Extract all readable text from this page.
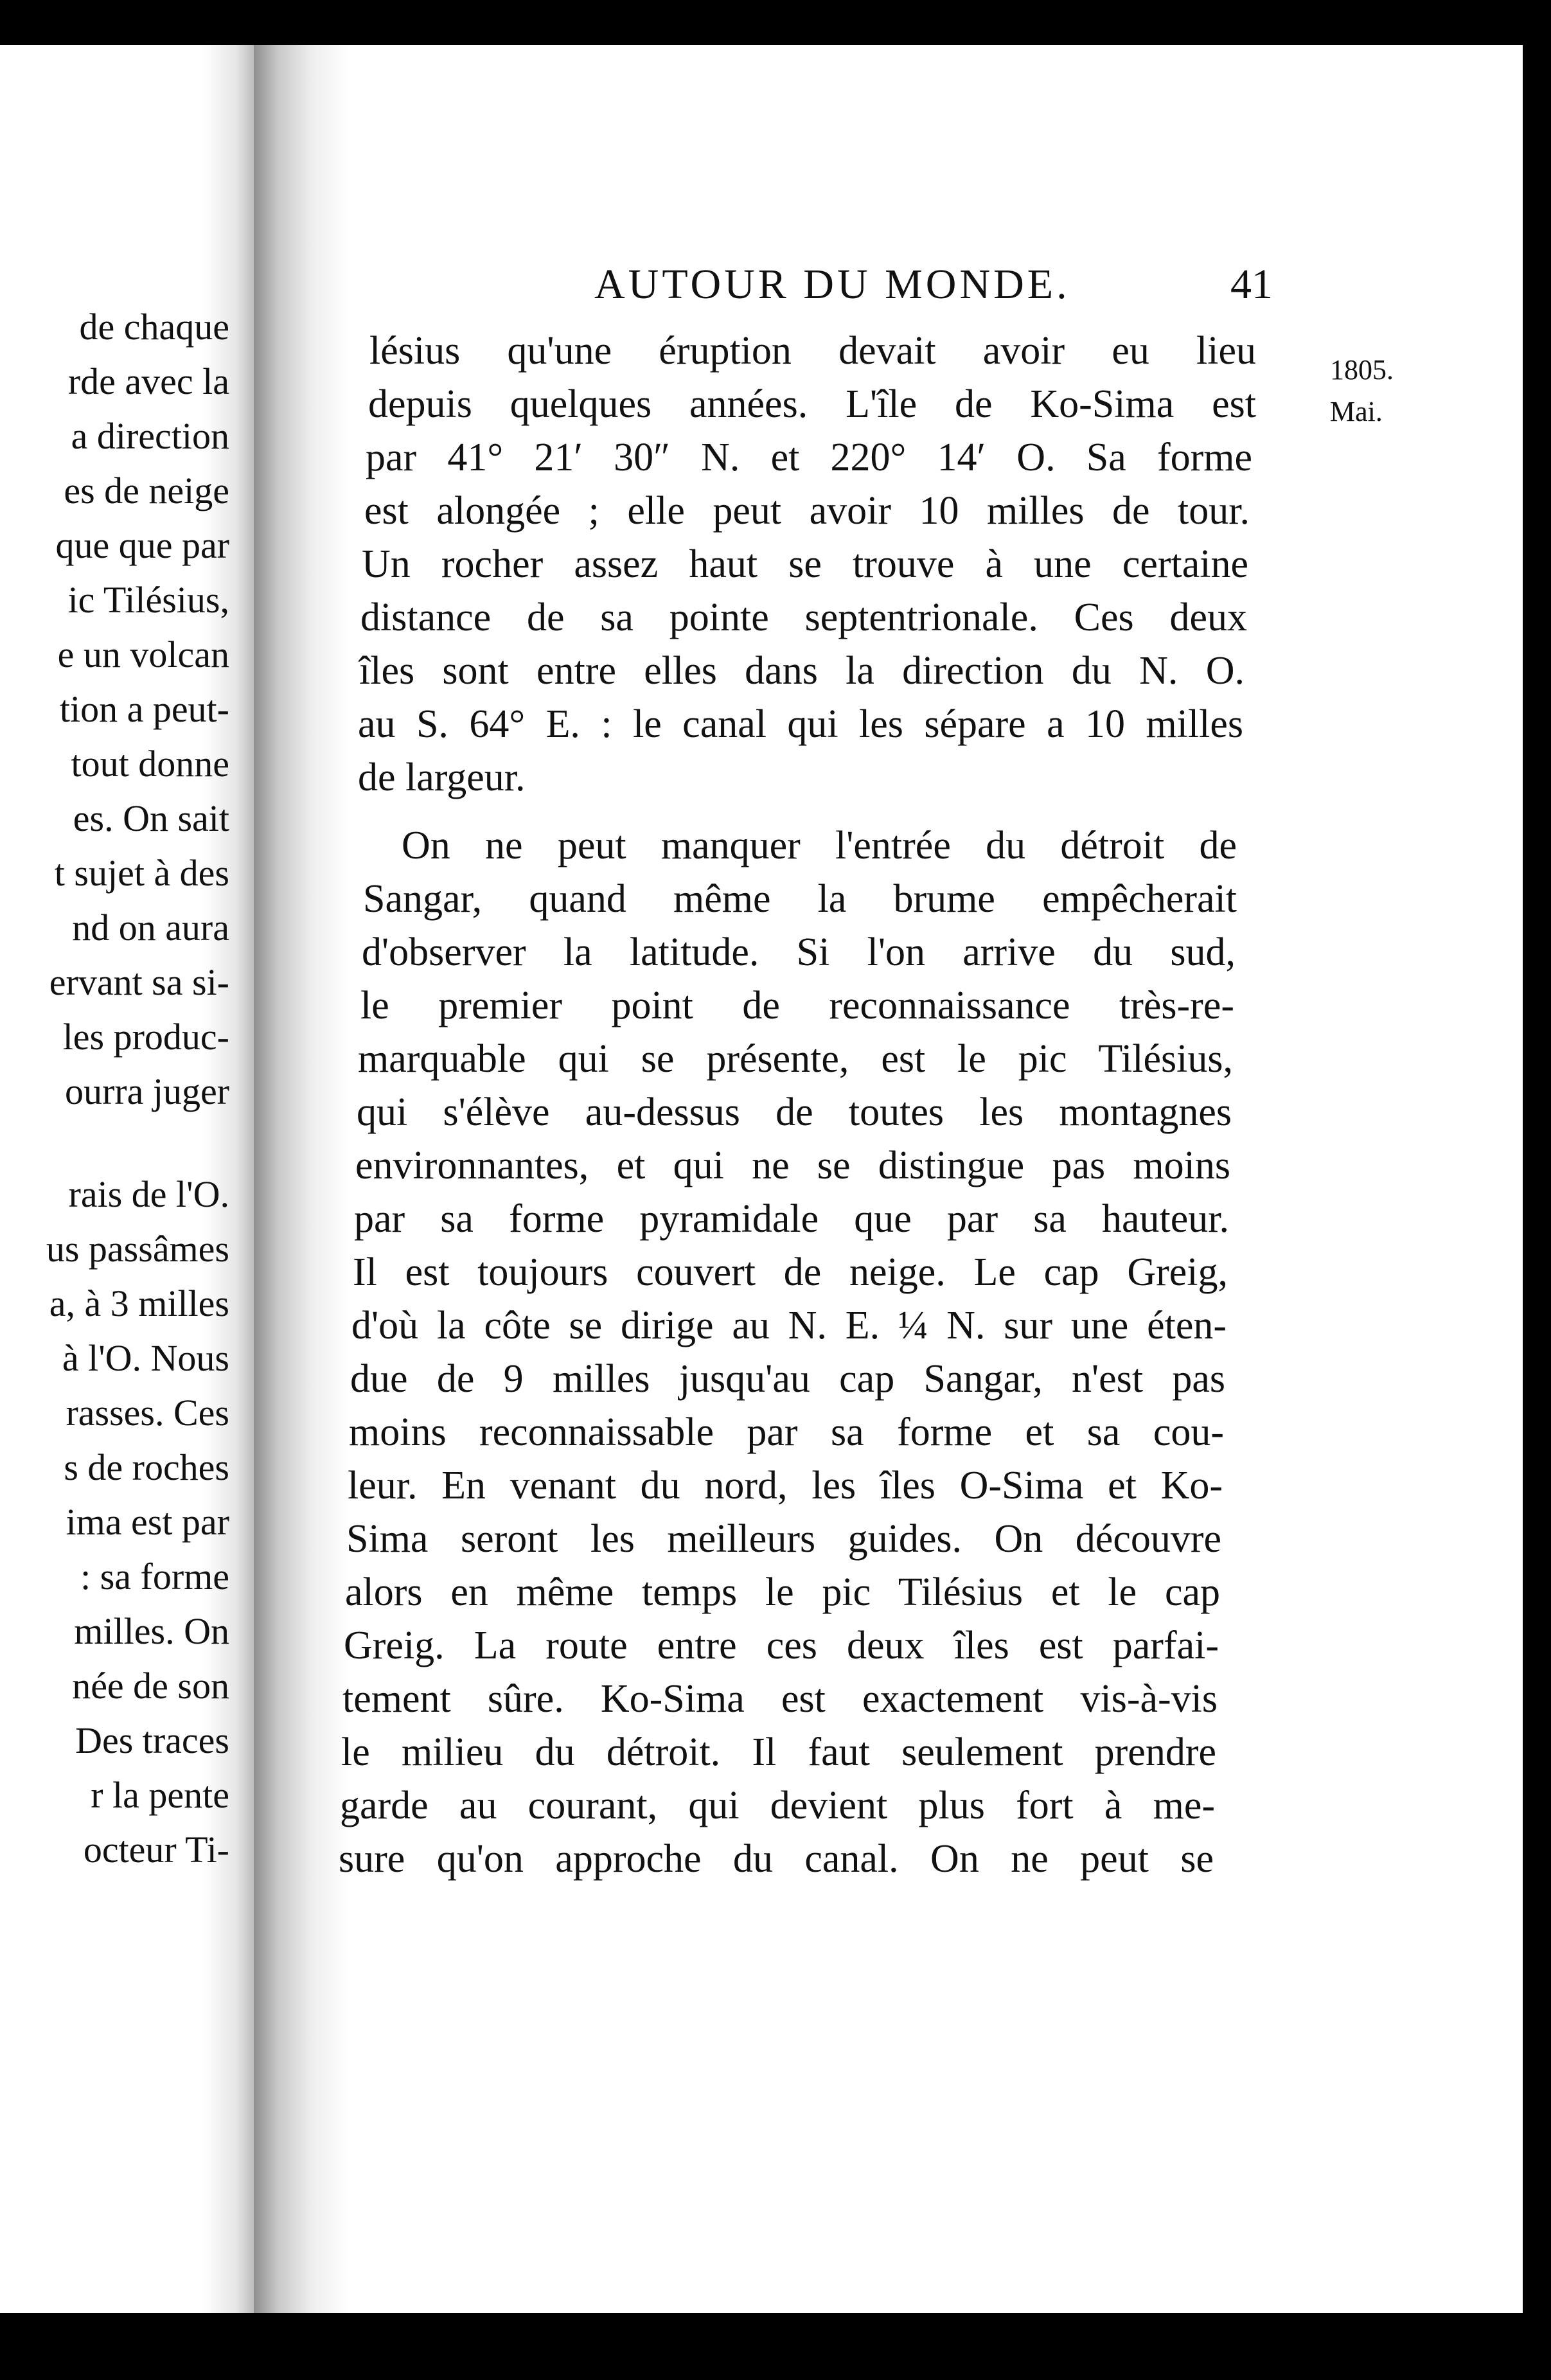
de chaque
rde avec la
a direction
es de neige
que que par
ic Tilésius,
e un volcan
tion a peut-
tout donne
es. On sait
t sujet à des
nd on aura
ervant sa si-
les produc-
ourra juger
rais de l'O.
us passâmes
a, à 3 milles
à l'O. Nous
rasses. Ces
s de roches
ima est par
: sa forme
milles. On
née de son
Des traces
r la pente
octeur Ti-
AUTOUR DU MONDE.	41
1805.
Mai.
lésius qu'une éruption devait avoir eu lieu
depuis quelques années. L'île de Ko-Sima est
par 41° 21′ 30″ N. et 220° 14′ O. Sa forme
est alongée ; elle peut avoir 10 milles de tour.
Un rocher assez haut se trouve à une certaine
distance de sa pointe septentrionale. Ces deux
îles sont entre elles dans la direction du N. O.
au S. 64° E. : le canal qui les sépare a 10 milles
de largeur.
On ne peut manquer l'entrée du détroit de
Sangar, quand même la brume empêcherait
d'observer la latitude. Si l'on arrive du sud,
le premier point de reconnaissance très-re-
marquable qui se présente, est le pic Tilésius,
qui s'élève au-dessus de toutes les montagnes
environnantes, et qui ne se distingue pas moins
par sa forme pyramidale que par sa hauteur.
Il est toujours couvert de neige. Le cap Greig,
d'où la côte se dirige au N. E. ¼ N. sur une éten-
due de 9 milles jusqu'au cap Sangar, n'est pas
moins reconnaissable par sa forme et sa cou-
leur. En venant du nord, les îles O-Sima et Ko-
Sima seront les meilleurs guides. On découvre
alors en même temps le pic Tilésius et le cap
Greig. La route entre ces deux îles est parfai-
tement sûre. Ko-Sima est exactement vis-à-vis
le milieu du détroit. Il faut seulement prendre
garde au courant, qui devient plus fort à me-
sure qu'on approche du canal. On ne peut se
